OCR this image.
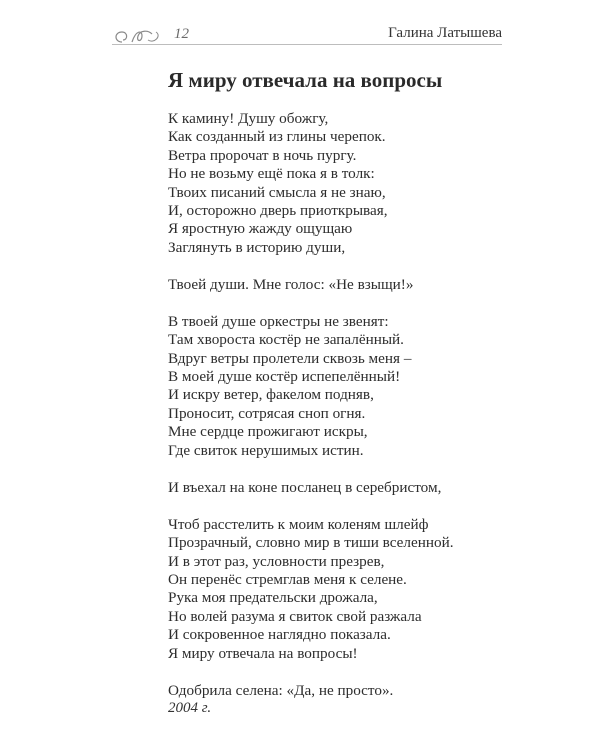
12	Галина Латышева
Я миру отвечала на вопросы
К камину! Душу обожгу,
Как созданный из глины черепок.
Ветра пророчат в ночь пургу.
Но не возьму ещё пока я в толк:
Твоих писаний смысла я не знаю,
И, осторожно дверь приоткрывая,
Я яростную жажду ощущаю
Заглянуть в историю души,
Твоей души. Мне голос: «Не взыщи!»
В твоей душе оркестры не звенят:
Там хвороста костёр не запалённый.
Вдруг ветры пролетели сквозь меня –
В моей душе костёр испепелённый!
И искру ветер, факелом подняв,
Проносит, сотрясая сноп огня.
Мне сердце прожигают искры,
Где свиток нерушимых истин.
И въехал на коне посланец в серебристом,
Чтоб расстелить к моим коленям шлейф
Прозрачный, словно мир в тиши вселенной.
И в этот раз, условности презрев,
Он перенёс стремглав меня к селене.
Рука моя предательски дрожала,
Но волей разума я свиток свой разжала
И сокровенное наглядно показала.
Я миру отвечала на вопросы!
Одобрила селена: «Да, не просто».
2004 г.
